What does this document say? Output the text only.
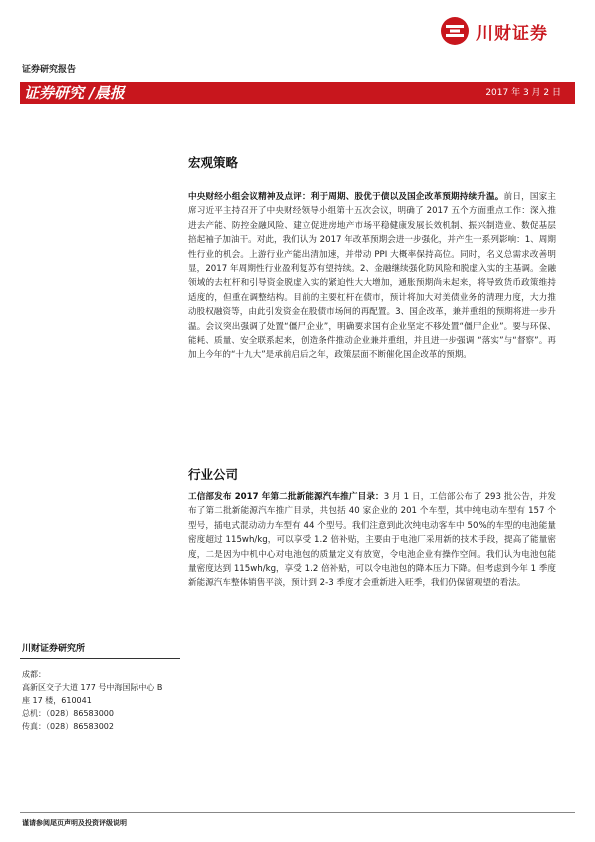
川财证券
证券研究报告
证券研究 /晨报	2017 年 3 月 2 日
宏观策略

中央财经小组会议精神及点评：利于周期、股优于债以及国企改革预期持续升温。前日，国家主席习近平主持召开了中央财经领导小组第十五次会议，明确了 2017 五个方面重点工作：深入推进去产能、防控金融风险、建立促进房地产市场平稳健康发展长效机制、振兴制造业、数促基层掊起袖子加油干。对此，我们认为 2017 年改革预期会进一步强化，并产生一系列影响：1、周期性行业的机会。上游行业产能出清加速，并带动 PPI 大概率保持高位。同时，名义总需求改善明显，2017 年周期性行业盈利复苏有望持续。2、金融继续强化防风险和脱虚入实的主基调。金融领域的去杠杆和引导资金脱虚入实的紧迫性大大增加，通胀预期尚未起来，将导致货币政策维持适度的，但重在调整结构。目前的主要杠杆在债市，预计将加大对美债业务的清理力度，大力推动股权融资等，由此引发资金在股债市场间的再配置。3、国企改革，兼并重组的预期将进一步升温。会议突出强调了处置“僵尸企业”，明确要求国有企业坚定不移处置“僵尸企业”。要与环保、能耗、质量、安全联系起来，创造条件推动企业兼并重组，并且进一步强调 “落实”与“督察”。再加上今年的“十九大”是承前启后之年，政策层面不断催化国企改革的预期。

行业公司

工信部发布 2017 年第二批新能源汽车推广目录：3 月 1 日，工信部公布了 293 批公告，并发布了第二批新能源汽车推广目录，共包括 40 家企业的 201 个车型，其中纯电动车型有 157 个型号，插电式混动动力车型有 44 个型号。我们注意到此次纯电动客车中 50%的车型的电池能量密度超过 115wh/kg，可以享受 1.2 倍补贴，主要由于电池厂采用新的技术手段，提高了能量密度，二是因为中机中心对电池包的质量定义有放宽，令电池企业有操作空间。我们认为电池包能量密度达到 115wh/kg，享受 1.2 倍补贴，可以令电池包的降本压力下降。但考虑到今年 1 季度新能源汽车整体销售平淡，预计到 2-3 季度才会重新进入旺季，我们仍保留观望的看法。

川财证券研究所
成都：
高新区交子大道 177 号中海国际中心 B
座 17 楼，610041
总机：（028）86583000
传真：（028）86583002
谨请参阅尾页声明及投资评级说明
